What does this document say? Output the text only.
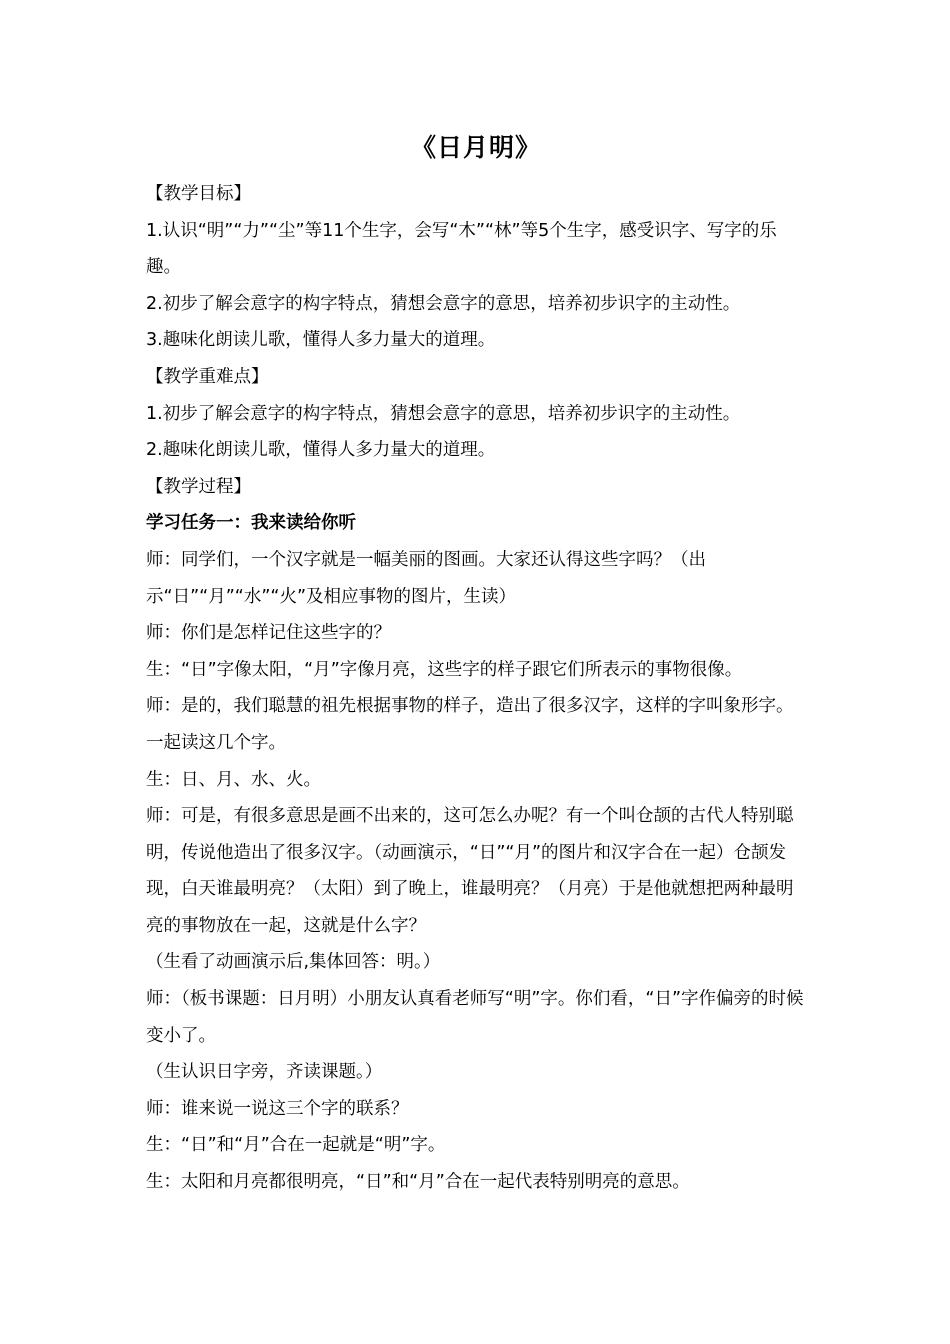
《日月明》

【教学目标】

1.认识“明”“力”“尘”等11个生字，会写“木”“林”等5个生字，感受识字、写字的乐趣。

2.初步了解会意字的构字特点，猜想会意字的意思，培养初步识字的主动性。

3.趣味化朗读儿歌，懂得人多力量大的道理。

【教学重难点】

1.初步了解会意字的构字特点，猜想会意字的意思，培养初步识字的主动性。

2.趣味化朗读儿歌，懂得人多力量大的道理。

【教学过程】

学习任务一：我来读给你听

师：同学们，一个汉字就是一幅美丽的图画。大家还认得这些字吗？（出示“日”“月”“水”“火”及相应事物的图片，生读）

师：你们是怎样记住这些字的？

生：“日”字像太阳，“月”字像月亮，这些字的样子跟它们所表示的事物很像。

师：是的，我们聪慧的祖先根据事物的样子，造出了很多汉字，这样的字叫象形字。一起读这几个字。

生：日、月、水、火。

师：可是，有很多意思是画不出来的，这可怎么办呢？有一个叫仓颉的古代人特别聪明，传说他造出了很多汉字。（动画演示，“日”“月”的图片和汉字合在一起）仓颉发现，白天谁最明亮？（太阳）到了晚上，谁最明亮？（月亮）于是他就想把两种最明亮的事物放在一起，这就是什么字？

（生看了动画演示后,集体回答：明。）

师：（板书课题：日月明）小朋友认真看老师写“明”字。你们看，“日”字作偏旁的时候变小了。

（生认识日字旁，齐读课题。）

师：谁来说一说这三个字的联系？

生：“日”和“月”合在一起就是“明”字。

生：太阳和月亮都很明亮，“日”和“月”合在一起代表特别明亮的意思。
